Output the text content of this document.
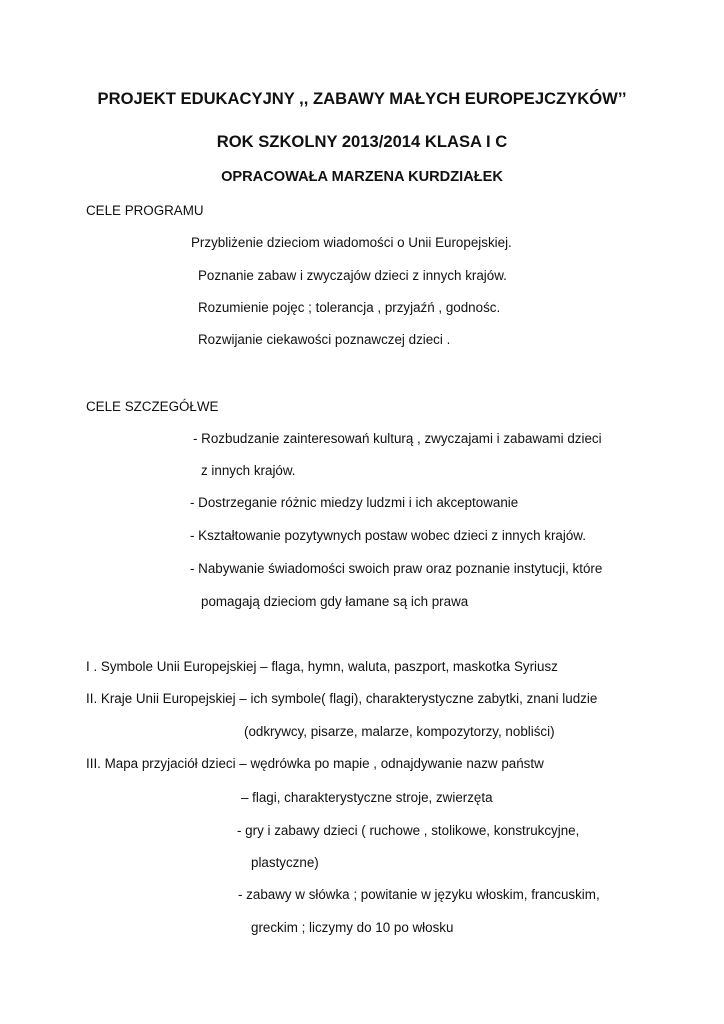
PROJEKT EDUKACYJNY ,, ZABAWY MAŁYCH EUROPEJCZYKÓW’’
ROK SZKOLNY 2013/2014 KLASA I C
OPRACOWAŁA MARZENA KURDZIAŁEK
CELE PROGRAMU
Przybliżenie dzieciom wiadomości o Unii Europejskiej.
Poznanie zabaw i zwyczajów dzieci z innych krajów.
Rozumienie pojęc ; tolerancja , przyjaźń , godnośc.
Rozwijanie ciekawości poznawczej dzieci .
CELE SZCZEGÓŁWE
- Rozbudzanie zainteresowań kulturą , zwyczajami i zabawami dzieci
z innych krajów.
- Dostrzeganie różnic miedzy ludzmi i ich akceptowanie
- Kształtowanie pozytywnych postaw wobec dzieci z innych krajów.
- Nabywanie świadomości swoich praw oraz poznanie instytucji, które
pomagają dzieciom gdy łamane są ich prawa
I . Symbole Unii Europejskiej – flaga, hymn, waluta, paszport, maskotka Syriusz
II. Kraje Unii Europejskiej – ich symbole( flagi), charakterystyczne zabytki, znani ludzie
(odkrywcy, pisarze, malarze, kompozytorzy, nobliści)
III. Mapa przyjaciół dzieci – wędrówka po mapie , odnajdywanie nazw państw
– flagi, charakterystyczne stroje, zwierzęta
- gry i zabawy dzieci ( ruchowe , stolikowe, konstrukcyjne,
plastyczne)
- zabawy w słówka ; powitanie w języku włoskim, francuskim,
greckim ; liczymy do 10 po włosku
